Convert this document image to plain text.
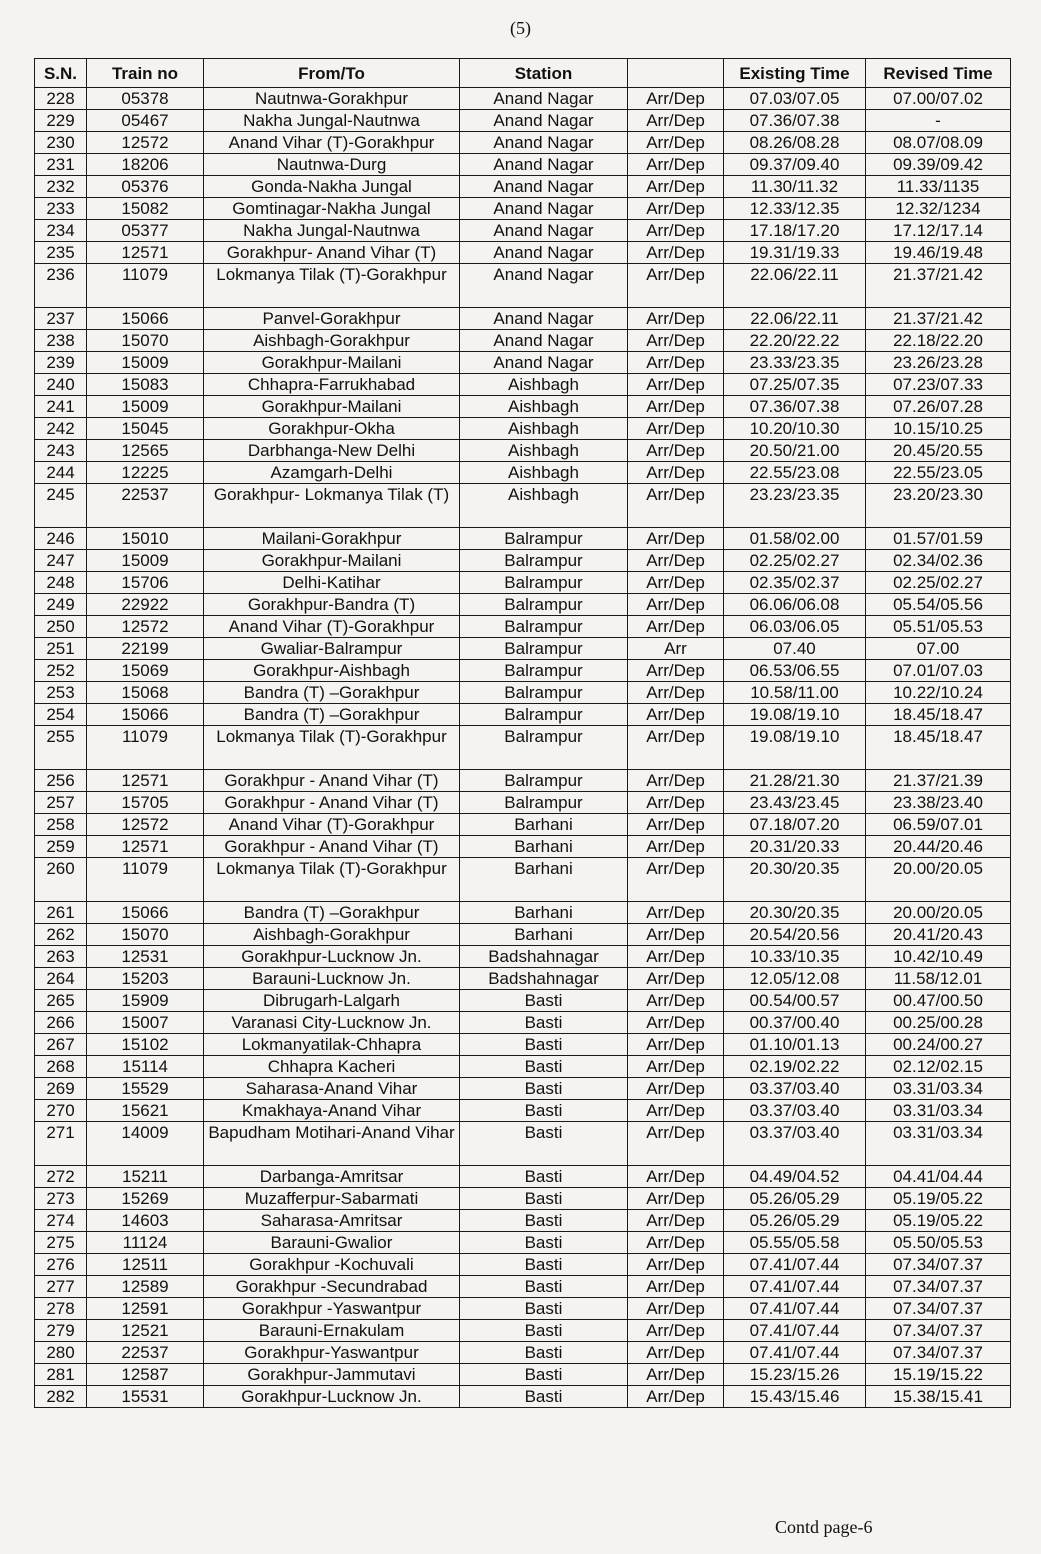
(5)
S.N.	Train no	From/To	Station		Existing Time	Revised Time
228	05378	Nautnwa-Gorakhpur	Anand Nagar	Arr/Dep	07.03/07.05	07.00/07.02
229	05467	Nakha Jungal-Nautnwa	Anand Nagar	Arr/Dep	07.36/07.38	-
230	12572	Anand Vihar (T)-Gorakhpur	Anand Nagar	Arr/Dep	08.26/08.28	08.07/08.09
231	18206	Nautnwa-Durg	Anand Nagar	Arr/Dep	09.37/09.40	09.39/09.42
232	05376	Gonda-Nakha Jungal	Anand Nagar	Arr/Dep	11.30/11.32	11.33/1135
233	15082	Gomtinagar-Nakha Jungal	Anand Nagar	Arr/Dep	12.33/12.35	12.32/1234
234	05377	Nakha Jungal-Nautnwa	Anand Nagar	Arr/Dep	17.18/17.20	17.12/17.14
235	12571	Gorakhpur- Anand Vihar (T)	Anand Nagar	Arr/Dep	19.31/19.33	19.46/19.48
236	11079	Lokmanya Tilak (T)-Gorakhpur	Anand Nagar	Arr/Dep	22.06/22.11	21.37/21.42
237	15066	Panvel-Gorakhpur	Anand Nagar	Arr/Dep	22.06/22.11	21.37/21.42
238	15070	Aishbagh-Gorakhpur	Anand Nagar	Arr/Dep	22.20/22.22	22.18/22.20
239	15009	Gorakhpur-Mailani	Anand Nagar	Arr/Dep	23.33/23.35	23.26/23.28
240	15083	Chhapra-Farrukhabad	Aishbagh	Arr/Dep	07.25/07.35	07.23/07.33
241	15009	Gorakhpur-Mailani	Aishbagh	Arr/Dep	07.36/07.38	07.26/07.28
242	15045	Gorakhpur-Okha	Aishbagh	Arr/Dep	10.20/10.30	10.15/10.25
243	12565	Darbhanga-New Delhi	Aishbagh	Arr/Dep	20.50/21.00	20.45/20.55
244	12225	Azamgarh-Delhi	Aishbagh	Arr/Dep	22.55/23.08	22.55/23.05
245	22537	Gorakhpur- Lokmanya Tilak (T)	Aishbagh	Arr/Dep	23.23/23.35	23.20/23.30
246	15010	Mailani-Gorakhpur	Balrampur	Arr/Dep	01.58/02.00	01.57/01.59
247	15009	Gorakhpur-Mailani	Balrampur	Arr/Dep	02.25/02.27	02.34/02.36
248	15706	Delhi-Katihar	Balrampur	Arr/Dep	02.35/02.37	02.25/02.27
249	22922	Gorakhpur-Bandra (T)	Balrampur	Arr/Dep	06.06/06.08	05.54/05.56
250	12572	Anand Vihar (T)-Gorakhpur	Balrampur	Arr/Dep	06.03/06.05	05.51/05.53
251	22199	Gwaliar-Balrampur	Balrampur	Arr	07.40	07.00
252	15069	Gorakhpur-Aishbagh	Balrampur	Arr/Dep	06.53/06.55	07.01/07.03
253	15068	Bandra (T) –Gorakhpur	Balrampur	Arr/Dep	10.58/11.00	10.22/10.24
254	15066	Bandra (T) –Gorakhpur	Balrampur	Arr/Dep	19.08/19.10	18.45/18.47
255	11079	Lokmanya Tilak (T)-Gorakhpur	Balrampur	Arr/Dep	19.08/19.10	18.45/18.47
256	12571	Gorakhpur - Anand Vihar (T)	Balrampur	Arr/Dep	21.28/21.30	21.37/21.39
257	15705	Gorakhpur - Anand Vihar (T)	Balrampur	Arr/Dep	23.43/23.45	23.38/23.40
258	12572	Anand Vihar (T)-Gorakhpur	Barhani	Arr/Dep	07.18/07.20	06.59/07.01
259	12571	Gorakhpur - Anand Vihar (T)	Barhani	Arr/Dep	20.31/20.33	20.44/20.46
260	11079	Lokmanya Tilak (T)-Gorakhpur	Barhani	Arr/Dep	20.30/20.35	20.00/20.05
261	15066	Bandra (T) –Gorakhpur	Barhani	Arr/Dep	20.30/20.35	20.00/20.05
262	15070	Aishbagh-Gorakhpur	Barhani	Arr/Dep	20.54/20.56	20.41/20.43
263	12531	Gorakhpur-Lucknow Jn.	Badshahnagar	Arr/Dep	10.33/10.35	10.42/10.49
264	15203	Barauni-Lucknow Jn.	Badshahnagar	Arr/Dep	12.05/12.08	11.58/12.01
265	15909	Dibrugarh-Lalgarh	Basti	Arr/Dep	00.54/00.57	00.47/00.50
266	15007	Varanasi City-Lucknow Jn.	Basti	Arr/Dep	00.37/00.40	00.25/00.28
267	15102	Lokmanyatilak-Chhapra	Basti	Arr/Dep	01.10/01.13	00.24/00.27
268	15114	Chhapra Kacheri	Basti	Arr/Dep	02.19/02.22	02.12/02.15
269	15529	Saharasa-Anand Vihar	Basti	Arr/Dep	03.37/03.40	03.31/03.34
270	15621	Kmakhaya-Anand Vihar	Basti	Arr/Dep	03.37/03.40	03.31/03.34
271	14009	Bapudham Motihari-Anand Vihar	Basti	Arr/Dep	03.37/03.40	03.31/03.34
272	15211	Darbanga-Amritsar	Basti	Arr/Dep	04.49/04.52	04.41/04.44
273	15269	Muzafferpur-Sabarmati	Basti	Arr/Dep	05.26/05.29	05.19/05.22
274	14603	Saharasa-Amritsar	Basti	Arr/Dep	05.26/05.29	05.19/05.22
275	11124	Barauni-Gwalior	Basti	Arr/Dep	05.55/05.58	05.50/05.53
276	12511	Gorakhpur -Kochuvali	Basti	Arr/Dep	07.41/07.44	07.34/07.37
277	12589	Gorakhpur -Secundrabad	Basti	Arr/Dep	07.41/07.44	07.34/07.37
278	12591	Gorakhpur -Yaswantpur	Basti	Arr/Dep	07.41/07.44	07.34/07.37
279	12521	Barauni-Ernakulam	Basti	Arr/Dep	07.41/07.44	07.34/07.37
280	22537	Gorakhpur-Yaswantpur	Basti	Arr/Dep	07.41/07.44	07.34/07.37
281	12587	Gorakhpur-Jammutavi	Basti	Arr/Dep	15.23/15.26	15.19/15.22
282	15531	Gorakhpur-Lucknow Jn.	Basti	Arr/Dep	15.43/15.46	15.38/15.41
Contd page-6
